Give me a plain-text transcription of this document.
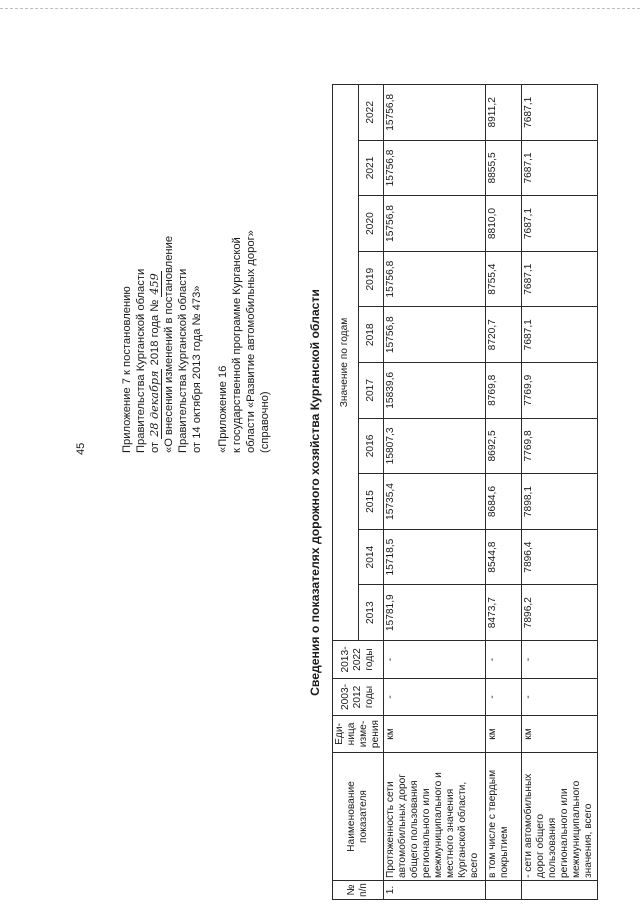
45	Приложение 7 к постановлению Правительства Курганской области от 28 декабря 2018 года № 459 «О внесении изменений в постановление Правительства Курганской области от 14 октября 2013 года № 473» «Приложение 16 к государственной программе Курганской области «Развитие автомобильных дорог» (справочно)	Сведения о показателях дорожного хозяйства Курганской области
№ п/п	Наименование показателя	Еди-ница изме-рения	2003-2012 годы	2013-2022 годы	Значение по годам									
					2013	2014	2015	2016	2017	2018	2019	2020	2021	2022
1.	Протяженность сети автомобильных дорог общего пользования регионального или межмуниципального и местного значения Курганской области, всего	км	-	-	15781,9	15718,5	15735,4	15807,3	15839,6	15756,8	15756,8	15756,8	15756,8	15756,8
	в том числе с твердым покрытием	км	-	-	8473,7	8544,8	8684,6	8692,5	8769,8	8720,7	8755,4	8810,0	8855,5	8911,2
	- сети автомобильных дорог общего пользования регионального или межмуниципального значения, всего	км	-	-	7896,2	7896,4	7898,1	7769,8	7769,9	7687,1	7687,1	7687,1	7687,1	7687,1
